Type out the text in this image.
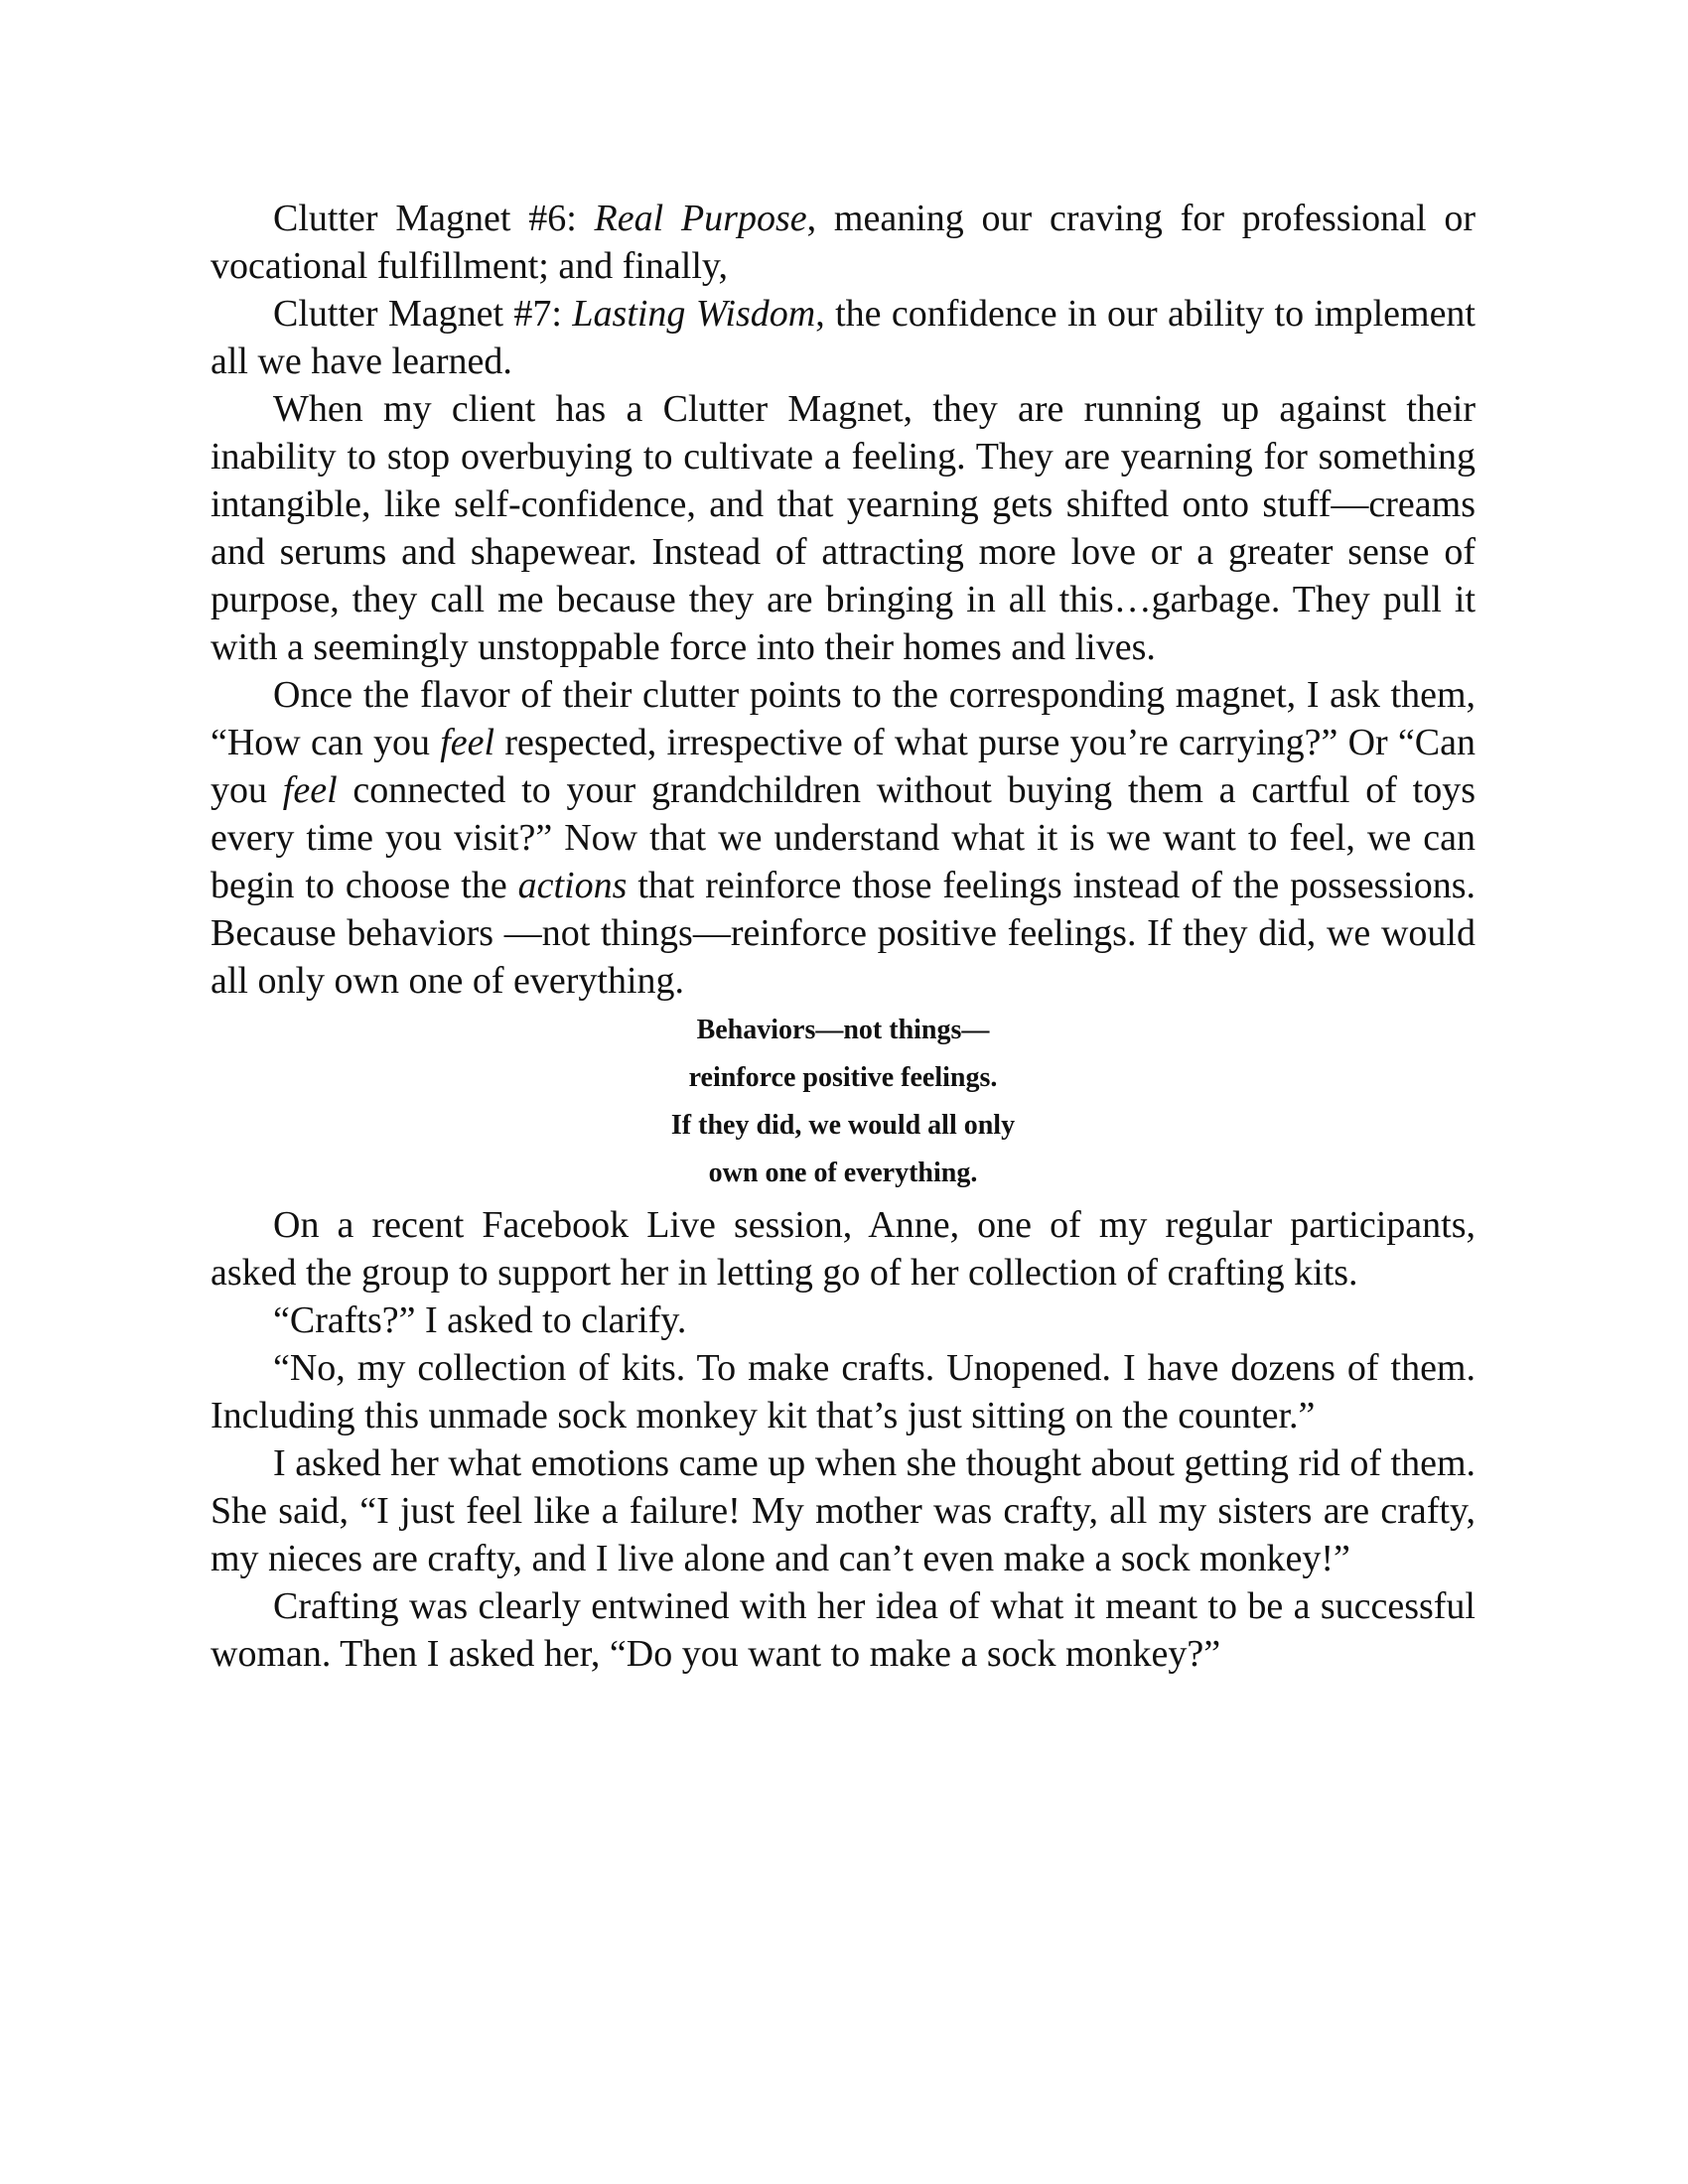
Clutter Magnet #6: Real Purpose, meaning our craving for professional or vocational fulfillment; and finally,

Clutter Magnet #7: Lasting Wisdom, the confidence in our ability to implement all we have learned.

When my client has a Clutter Magnet, they are running up against their inability to stop overbuying to cultivate a feeling. They are yearning for something intangible, like self-confidence, and that yearning gets shifted onto stuff—creams and serums and shapewear. Instead of attracting more love or a greater sense of purpose, they call me because they are bringing in all this…garbage. They pull it with a seemingly unstoppable force into their homes and lives.

Once the flavor of their clutter points to the corresponding magnet, I ask them, “How can you feel respected, irrespective of what purse you’re carrying?” Or “Can you feel connected to your grandchildren without buying them a cartful of toys every time you visit?” Now that we understand what it is we want to feel, we can begin to choose the actions that reinforce those feelings instead of the possessions. Because behaviors —not things—reinforce positive feelings. If they did, we would all only own one of everything.

Behaviors—not things—
reinforce positive feelings.
If they did, we would all only
own one of everything.

On a recent Facebook Live session, Anne, one of my regular participants, asked the group to support her in letting go of her collection of crafting kits.

“Crafts?” I asked to clarify.

“No, my collection of kits. To make crafts. Unopened. I have dozens of them. Including this unmade sock monkey kit that’s just sitting on the counter.”

I asked her what emotions came up when she thought about getting rid of them. She said, “I just feel like a failure! My mother was crafty, all my sisters are crafty, my nieces are crafty, and I live alone and can’t even make a sock monkey!”

Crafting was clearly entwined with her idea of what it meant to be a successful woman. Then I asked her, “Do you want to make a sock monkey?”
